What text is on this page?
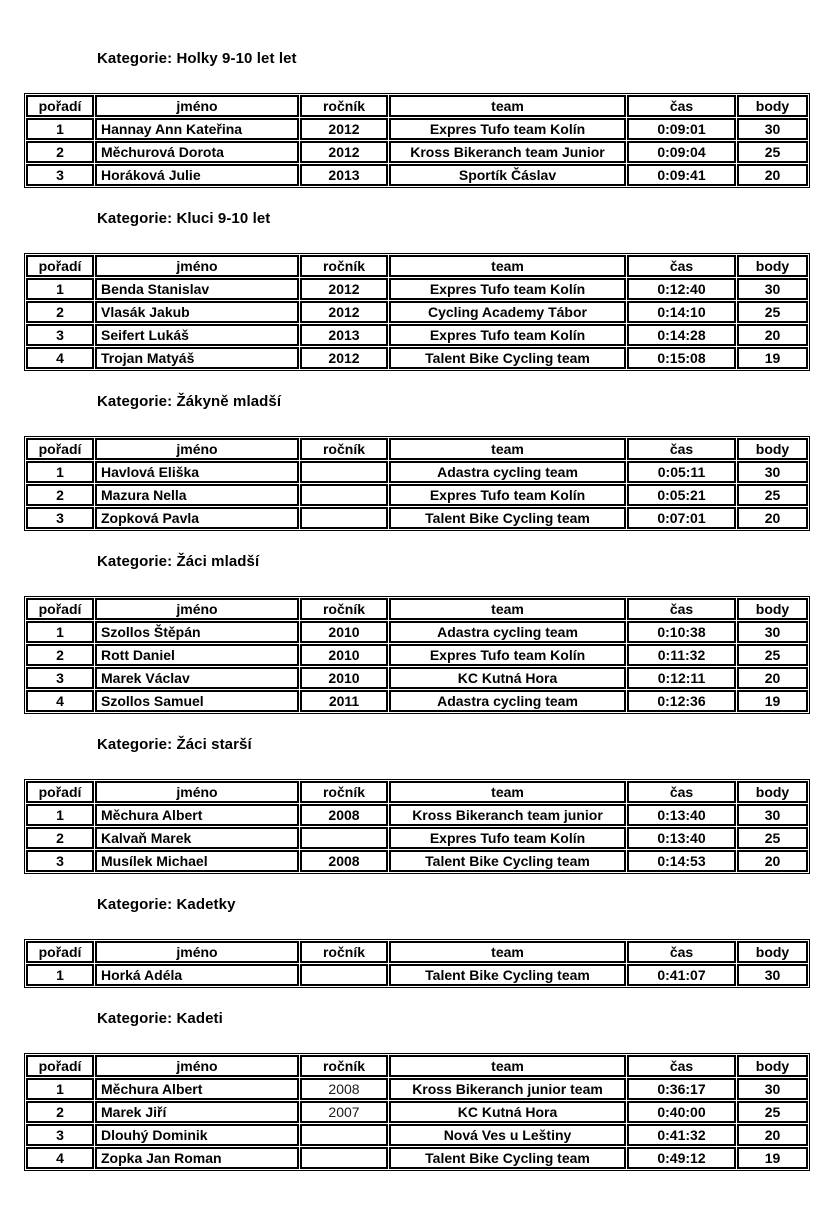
Kategorie: Holky 9-10 let let
pořadí	jméno	ročník	team	čas	body
1	Hannay Ann Kateřina	2012	Expres Tufo team Kolín	0:09:01	30
2	Měchurová Dorota	2012	Kross Bikeranch team Junior	0:09:04	25
3	Horáková Julie	2013	Sportík Čáslav	0:09:41	20
Kategorie: Kluci 9-10 let
pořadí	jméno	ročník	team	čas	body
1	Benda Stanislav	2012	Expres Tufo team Kolín	0:12:40	30
2	Vlasák Jakub	2012	Cycling Academy Tábor	0:14:10	25
3	Seifert Lukáš	2013	Expres Tufo team Kolín	0:14:28	20
4	Trojan Matyáš	2012	Talent Bike Cycling team	0:15:08	19
Kategorie: Žákyně mladší
pořadí	jméno	ročník	team	čas	body
1	Havlová Eliška		Adastra cycling team	0:05:11	30
2	Mazura Nella		Expres Tufo team Kolín	0:05:21	25
3	Zopková Pavla		Talent Bike Cycling team	0:07:01	20
Kategorie: Žáci mladší
pořadí	jméno	ročník	team	čas	body
1	Szollos Štěpán	2010	Adastra cycling team	0:10:38	30
2	Rott Daniel	2010	Expres Tufo team Kolín	0:11:32	25
3	Marek Václav	2010	KC Kutná Hora	0:12:11	20
4	Szollos Samuel	2011	Adastra cycling team	0:12:36	19
Kategorie: Žáci starší
pořadí	jméno	ročník	team	čas	body
1	Měchura Albert	2008	Kross Bikeranch team junior	0:13:40	30
2	Kalvaň Marek		Expres Tufo team Kolín	0:13:40	25
3	Musílek Michael	2008	Talent Bike Cycling team	0:14:53	20
Kategorie: Kadetky
pořadí	jméno	ročník	team	čas	body
1	Horká Adéla		Talent Bike Cycling team	0:41:07	30
Kategorie: Kadeti
pořadí	jméno	ročník	team	čas	body
1	Měchura Albert	2008	Kross Bikeranch junior team	0:36:17	30
2	Marek Jiří	2007	KC Kutná Hora	0:40:00	25
3	Dlouhý Dominik		Nová Ves u Leštiny	0:41:32	20
4	Zopka Jan Roman		Talent Bike Cycling team	0:49:12	19
